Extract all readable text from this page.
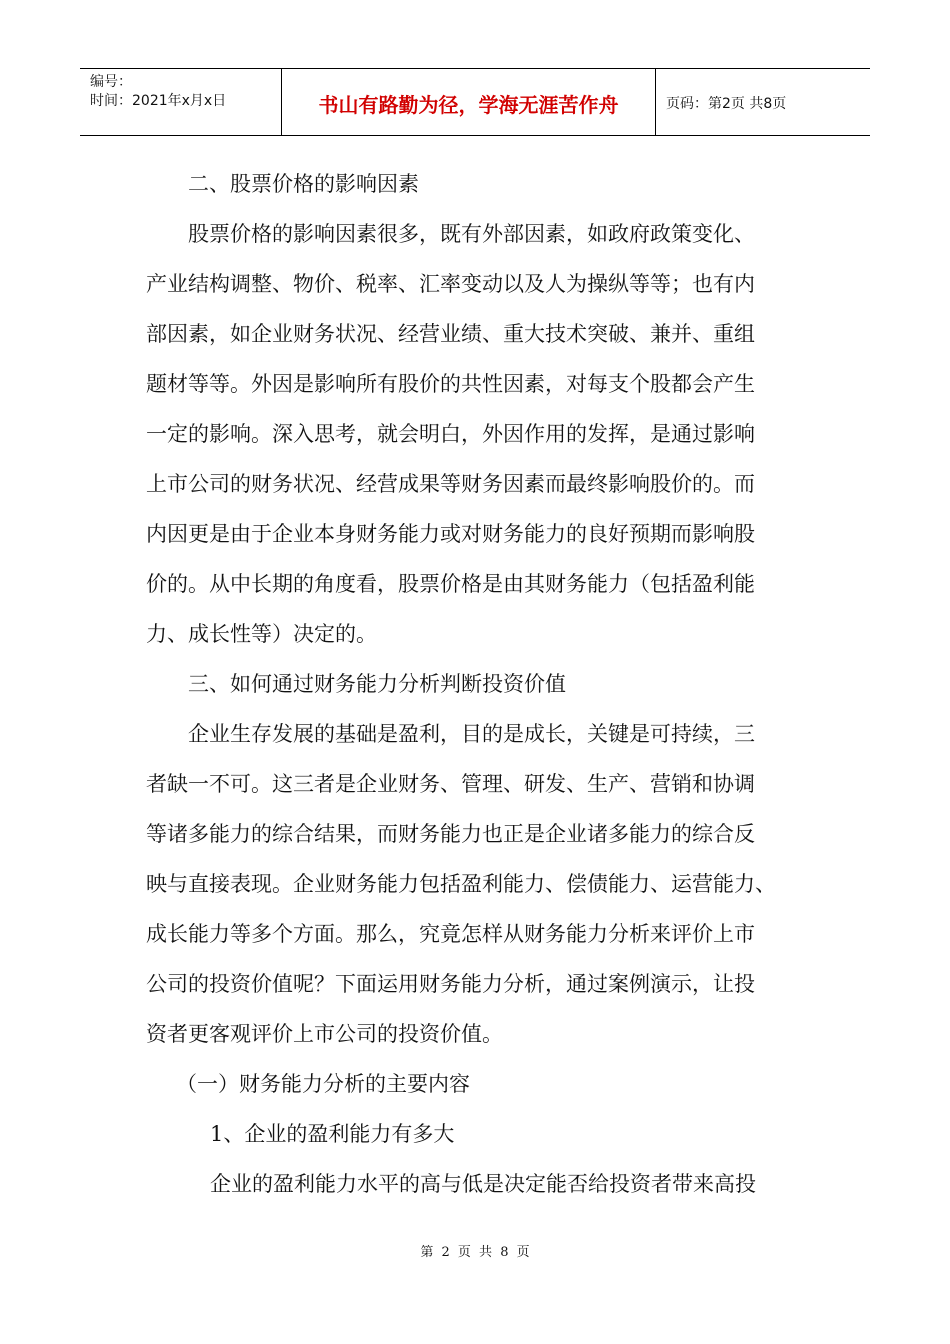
编号：
时间：2021年x月x日	书山有路勤为径，学海无涯苦作舟	页码：第2页 共8页
二、股票价格的影响因素
股票价格的影响因素很多，既有外部因素，如政府政策变化、
产业结构调整、物价、税率、汇率变动以及人为操纵等等；也有内
部因素，如企业财务状况、经营业绩、重大技术突破、兼并、重组
题材等等。外因是影响所有股价的共性因素，对每支个股都会产生
一定的影响。深入思考，就会明白，外因作用的发挥，是通过影响
上市公司的财务状况、经营成果等财务因素而最终影响股价的。而
内因更是由于企业本身财务能力或对财务能力的良好预期而影响股
价的。从中长期的角度看，股票价格是由其财务能力（包括盈利能
力、成长性等）决定的。
三、如何通过财务能力分析判断投资价值
企业生存发展的基础是盈利，目的是成长，关键是可持续，三
者缺一不可。这三者是企业财务、管理、研发、生产、营销和协调
等诸多能力的综合结果，而财务能力也正是企业诸多能力的综合反
映与直接表现。企业财务能力包括盈利能力、偿债能力、运营能力、
成长能力等多个方面。那么，究竟怎样从财务能力分析来评价上市
公司的投资价值呢？下面运用财务能力分析，通过案例演示，让投
资者更客观评价上市公司的投资价值。
（一）财务能力分析的主要内容
1、企业的盈利能力有多大
企业的盈利能力水平的高与低是决定能否给投资者带来高投
第 2 页 共 8 页
